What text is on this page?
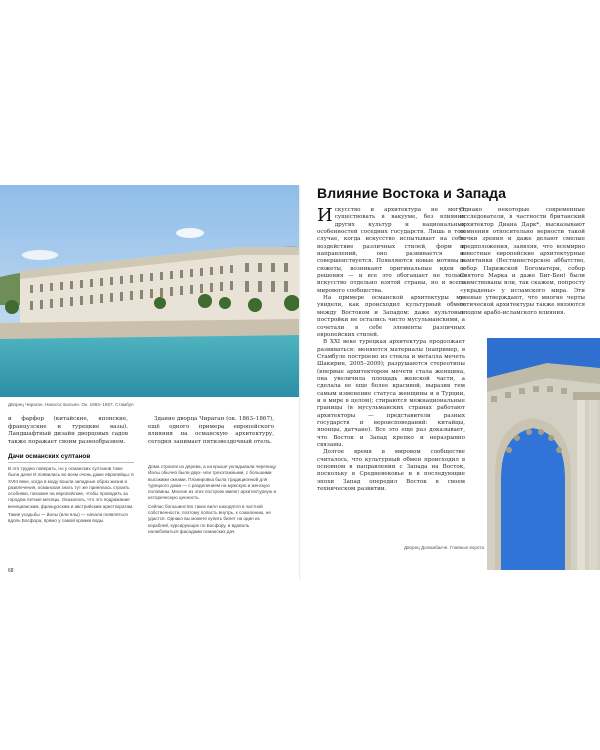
Дворец Чираган. Никогос Бальян. Ок. 1863–1867. Стамбул

и фарфор (китайские, японские, французские и турецкие вазы). Ландшафтный дизайн дворцовых садов также поражает своим разнообразием.

Здание дворца Чираган (ок. 1863–1867), ещё одного примера европейского влияния на османскую архитектуру, сегодня занимает пятизвездочный отель.

Дачи османских султанов

В это трудно поверить, но у османских султанов тоже были дачи! И появились во всем очень даже европейцы: в XVIII веке, когда в моду вошли западные образ жизни и развлечения, османская знать тут же принялась строить особняки, похожие на европейские, чтобы проводить за городом летние месяцы. Оказалось, что это подражание венецианским, французским и австрийским аристократам.

Такие усадьбы — йалы (или ялы) — начали появляться вдоль Босфора, прямо у самой кромки воды.

Дома строили из дерева, а на крыше укладывали черепицу. Йалы обычно были двух- или трехэтажными, с большими высокими окнами. Планировка была традиционной для турецкого дома — с разделением на мужскую и женскую половины. Многие из этих построек имеют архитектурную и историческую ценность.

Сейчас большинство таких вилл находятся в частной собственности, поэтому попасть внутрь, к сожалению, не удастся. Однако вы можете купить билет на один из кораблей, курсирующих по Босфору, и вдоволь налюбоваться фасадами османских дач.

68
Влияние Востока и Запада

Искусство и архитектура не могут существовать в вакууме, без влияния других культур и национальных особенностей соседних государств. Лишь в том случае, когда искусство испытывает на себе воздействие различных стилей, форм и направлений, оно развивается и совершенствуется. Появляются новые мотивы и сюжеты, возникают оригинальные идеи и решения — и все это обогащает не только искусство отдельно взятой страны, но и всего мирового сообщества.

На примере османской архитектуры мы увидели, как происходил культурный обмен между Востоком и Западом: даже культовые постройки не остались чисто мусульманскими, а сочетали в себе элементы различных европейских стилей.

В XXI веке турецкая архитектура продолжает развиваться: меняются материалы (например, в Стамбуле построено из стекла и металла мечеть Шакирин, 2005–2009); разрушаются стереотипы (впервые архитектором мечети стала женщина, она увеличила площадь женской части, а сделала ее еще более красивой, выразив тем самым изменение статуса женщины и в Турции, и в мире в целом); стираются межнациональные границы (в мусульманских странах работают архитекторы — представители разных государств и вероисповеданий: китайцы, японцы, датчане). Все это еще раз доказывает, что Восток и Запад крепко и неразрывно связаны.

Долгое время в мировом сообществе считалось, что культурный обмен происходил в основном в направлении с Запада на Восток, поскольку в Средневековье и в последующие эпохи Запад опередил Восток в своем техническом развитии.

Однако некоторые современные исследователи, в частности британский архитектор Диана Дарк*, высказывают сомнения относительно верности такой точки зрения и даже делают смелые предположения, заявляя, что всемирно известные европейские архитектурные памятники (Вестминстерское аббатство, собор Парижской Богоматери, собор Святого Марка и даже Биг-Бен) были заимствованы или, так скажем, попросту «украдены» у исламского мира. Эти ученые утверждают, что многие черты готической архитектуры также являются плодом арабо-исламского влияния.

Дворец Долмабахче. Главные ворота
